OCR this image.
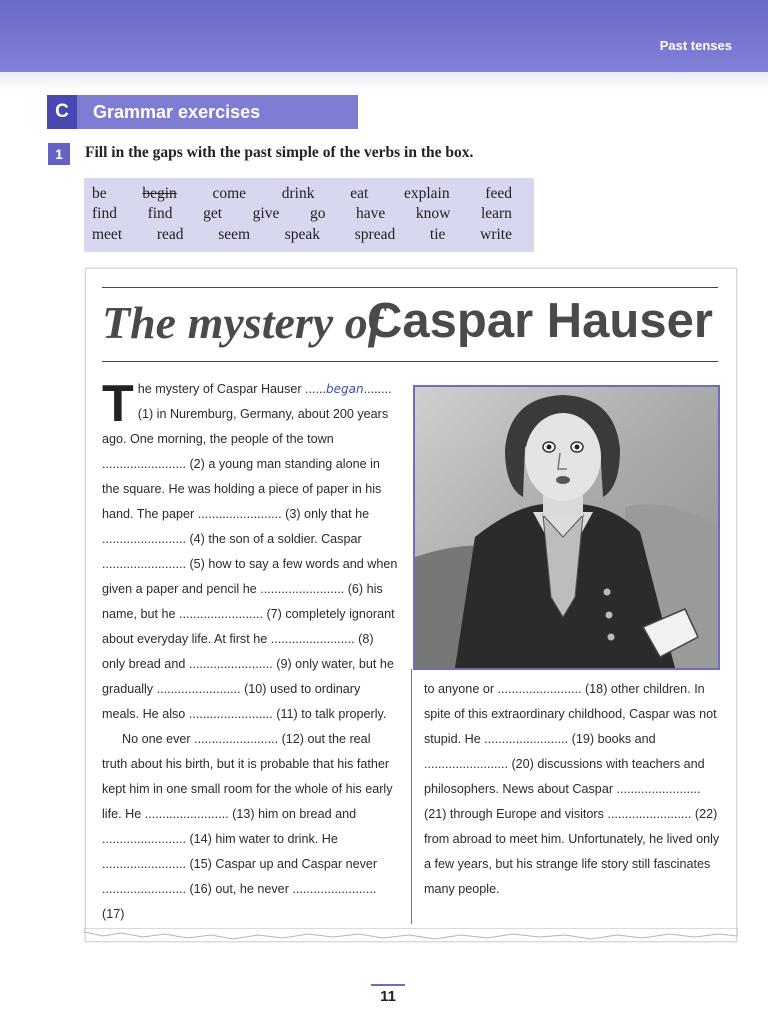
Past tenses
C	Grammar exercises
1	Fill in the gaps with the past simple of the verbs in the box.
be begin come drink eat explain feed
find find get give go have know learn
meet read seem speak spread tie write
The mystery of
Caspar Hauser

The mystery of Caspar Hauser ......began........ (1) in Nuremburg, Germany, about 200 years ago. One morning, the people of the town ........................ (2) a young man standing alone in the square. He was holding a piece of paper in his hand. The paper ........................ (3) only that he ........................ (4) the son of a soldier. Caspar ........................ (5) how to say a few words and when given a paper and pencil he ........................ (6) his name, but he ........................ (7) completely ignorant about everyday life. At first he ........................ (8) only bread and ........................ (9) only water, but he gradually ........................ (10) used to ordinary meals. He also ........................ (11) to talk properly.

No one ever ........................ (12) out the real truth about his birth, but it is probable that his father kept him in one small room for the whole of his early life. He ........................ (13) him on bread and ........................ (14) him water to drink. He ........................ (15) Caspar up and Caspar never ........................ (16) out, he never ........................ (17)

to anyone or ........................ (18) other children. In spite of this extraordinary childhood, Caspar was not stupid. He ........................ (19) books and ........................ (20) discussions with teachers and philosophers. News about Caspar ........................ (21) through Europe and visitors ........................ (22) from abroad to meet him. Unfortunately, he lived only a few years, but his strange life story still fascinates many people.

11
